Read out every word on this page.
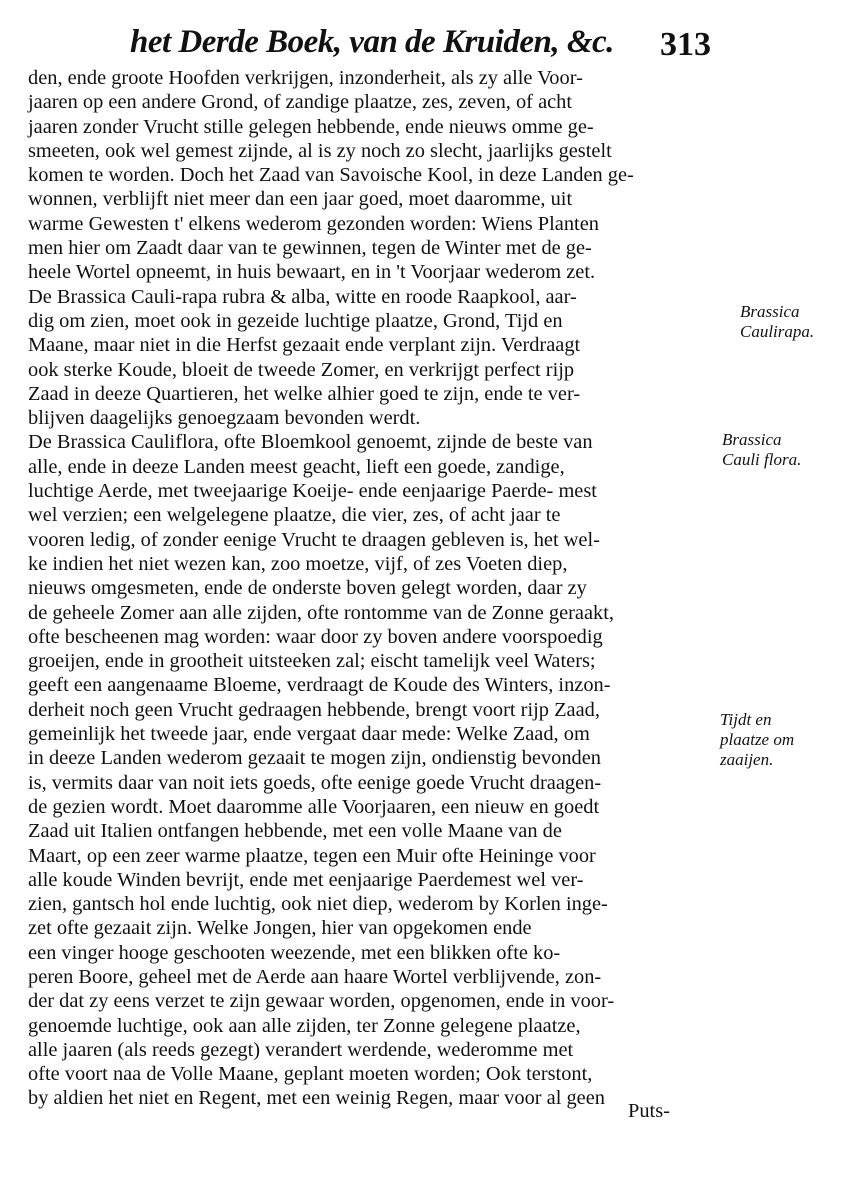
het Derde Boek, van de Kruiden, &c. 313
den, ende groote Hoofden verkrijgen, inzonderheit, als zy alle Voor-
jaaren op een andere Grond, of zandige plaatze, zes, zeven, of acht
jaaren zonder Vrucht stille gelegen hebbende, ende nieuws omme ge-
smeeten, ook wel gemest zijnde, al is zy noch zo slecht, jaarlijks gestelt
komen te worden. Doch het Zaad van Savoische Kool, in deze Landen ge-
wonnen, verblijft niet meer dan een jaar goed, moet daaromme, uit
warme Gewesten t' elkens wederom gezonden worden: Wiens Planten
men hier om Zaadt daar van te gewinnen, tegen de Winter met de ge-
heele Wortel opneemt, in huis bewaart, en in 't Voorjaar wederom zet.
De Brassica Cauli-rapa rubra & alba, witte en roode Raapkool, aar-
dig om zien, moet ook in gezeide luchtige plaatze, Grond, Tijd en
Maane, maar niet in die Herfst gezaait ende verplant zijn. Verdraagt
ook sterke Koude, bloeit de tweede Zomer, en verkrijgt perfect rijp
Zaad in deeze Quartieren, het welke alhier goed te zijn, ende te ver-
blijven daagelijks genoegzaam bevonden werdt.
De Brassica Cauliflora, ofte Bloemkool genoemt, zijnde de beste van
alle, ende in deeze Landen meest geacht, lieft een goede, zandige,
luchtige Aerde, met tweejaarige Koeije- ende eenjaarige Paerde- mest
wel verzien; een welgelegene plaatze, die vier, zes, of acht jaar te
vooren ledig, of zonder eenige Vrucht te draagen gebleven is, het wel-
ke indien het niet wezen kan, zoo moetze, vijf, of zes Voeten diep,
nieuws omgesmeten, ende de onderste boven gelegt worden, daar zy
de geheele Zomer aan alle zijden, ofte rontomme van de Zonne geraakt,
ofte bescheenen mag worden: waar door zy boven andere voorspoedig
groeijen, ende in grootheit uitsteeken zal; eischt tamelijk veel Waters;
geeft een aangenaame Bloeme, verdraagt de Koude des Winters, inzon-
derheit noch geen Vrucht gedraagen hebbende, brengt voort rijp Zaad,
gemeinlijk het tweede jaar, ende vergaat daar mede: Welke Zaad, om
in deeze Landen wederom gezaait te mogen zijn, ondienstig bevonden
is, vermits daar van noit iets goeds, ofte eenige goede Vrucht draagen-
de gezien wordt. Moet daaromme alle Voorjaaren, een nieuw en goedt
Zaad uit Italien ontfangen hebbende, met een volle Maane van de
Maart, op een zeer warme plaatze, tegen een Muir ofte Heininge voor
alle koude Winden bevrijt, ende met eenjaarige Paerdemest wel ver-
zien, gantsch hol ende luchtig, ook niet diep, wederom by Korlen inge-
zet ofte gezaait zijn. Welke Jongen, hier van opgekomen ende
een vinger hooge geschooten weezende, met een blikken ofte ko-
peren Boore, geheel met de Aerde aan haare Wortel verblijvende, zon-
der dat zy eens verzet te zijn gewaar worden, opgenomen, ende in voor-
genoemde luchtige, ook aan alle zijden, ter Zonne gelegene plaatze,
alle jaaren (als reeds gezegt) verandert werdende, wederomme met
ofte voort naa de Volle Maane, geplant moeten worden; Ook terstont,
by aldien het niet en Regent, met een weinig Regen, maar voor al geen
Puts-
Brassica
Caulirapa.
Brassica
Cauli flora.
Tijdt en
plaatze om
zaaijen.
